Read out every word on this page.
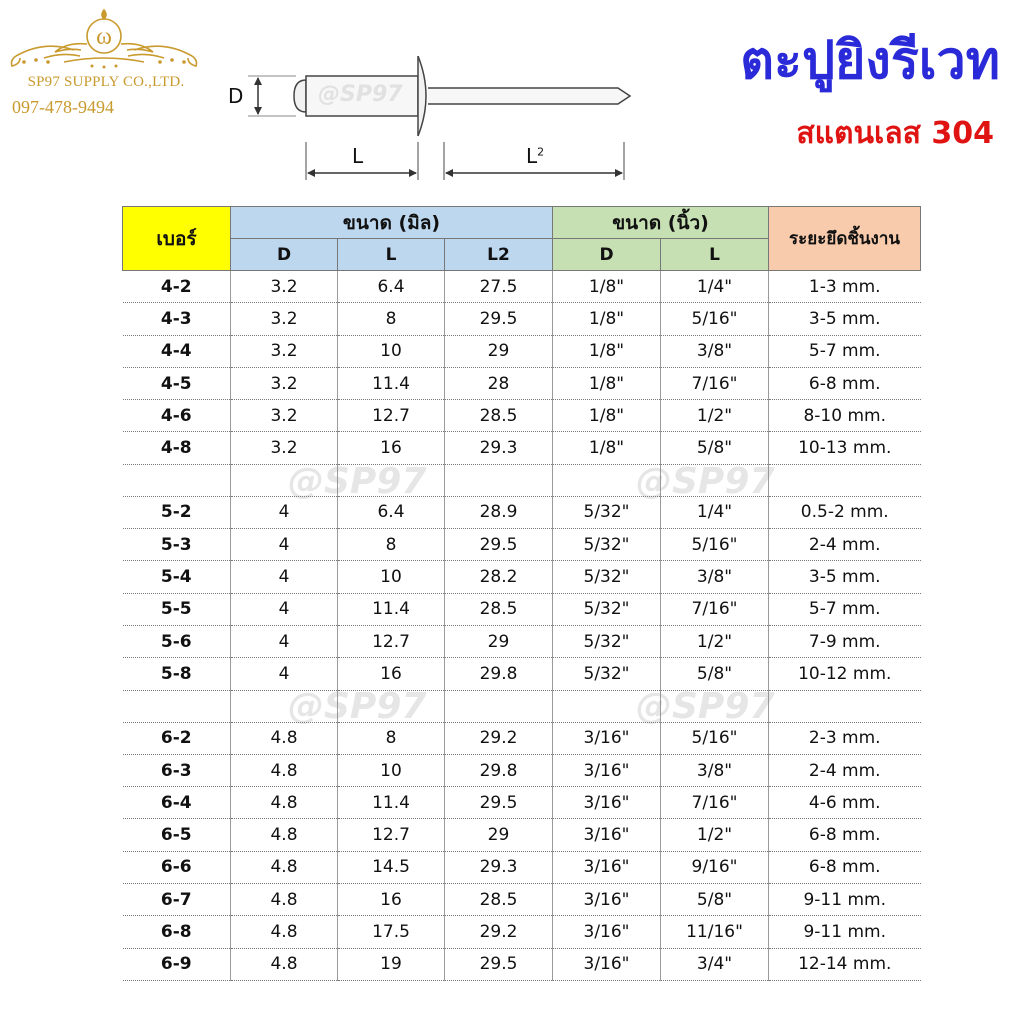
ω
SP97 SUPPLY CO.,LTD.
097-478-9494	@SP97
D
L	$L^2$
ตะปูยิงรีเวท
สแตนเลส 304
เบอร์	ขนาด (มิล)			ขนาด (นิ้ว)		ระยะยึดชิ้นงาน
	D	L	L2	D	L	
4-2	3.2	6.4	27.5	1/8"	1/4"	1-3 mm.
4-3	3.2	8	29.5	1/8"	5/16"	3-5 mm.
4-4	3.2	10	29	1/8"	3/8"	5-7 mm.
4-5	3.2	11.4	28	1/8"	7/16"	6-8 mm.
4-6	3.2	12.7	28.5	1/8"	1/2"	8-10 mm.
4-8	3.2	16	29.3	1/8"	5/8"	10-13 mm.

5-2	4	6.4	28.9	5/32"	1/4"	0.5-2 mm.
5-3	4	8	29.5	5/32"	5/16"	2-4 mm.
5-4	4	10	28.2	5/32"	3/8"	3-5 mm.
5-5	4	11.4	28.5	5/32"	7/16"	5-7 mm.
5-6	4	12.7	29	5/32"	1/2"	7-9 mm.
5-8	4	16	29.8	5/32"	5/8"	10-12 mm.

6-2	4.8	8	29.2	3/16"	5/16"	2-3 mm.
6-3	4.8	10	29.8	3/16"	3/8"	2-4 mm.
6-4	4.8	11.4	29.5	3/16"	7/16"	4-6 mm.
6-5	4.8	12.7	29	3/16"	1/2"	6-8 mm.
6-6	4.8	14.5	29.3	3/16"	9/16"	6-8 mm.
6-7	4.8	16	28.5	3/16"	5/8"	9-11 mm.
6-8	4.8	17.5	29.2	3/16"	11/16"	9-11 mm.
6-9	4.8	19	29.5	3/16"	3/4"	12-14 mm.
@SP97	@SP97
@SP97	@SP97
